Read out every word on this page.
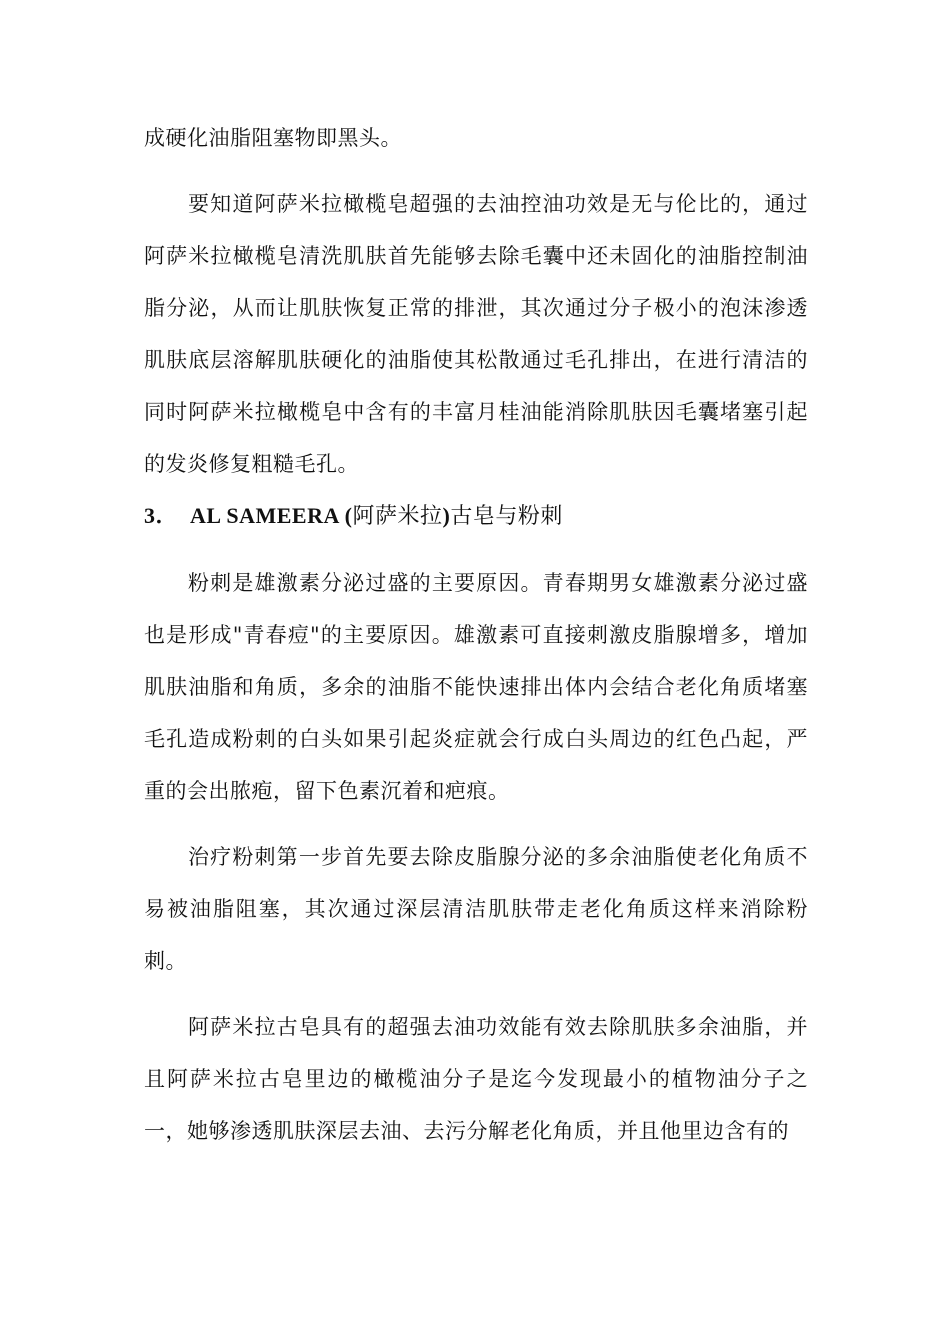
成硬化油脂阻塞物即黑头。

要知道阿萨米拉橄榄皂超强的去油控油功效是无与伦比的，通过阿萨米拉橄榄皂清洗肌肤首先能够去除毛囊中还未固化的油脂控制油脂分泌，从而让肌肤恢复正常的排泄，其次通过分子极小的泡沫渗透肌肤底层溶解肌肤硬化的油脂使其松散通过毛孔排出，在进行清洁的同时阿萨米拉橄榄皂中含有的丰富月桂油能消除肌肤因毛囊堵塞引起的发炎修复粗糙毛孔。

3． AL SAMEERA (阿萨米拉)古皂与粉刺

粉刺是雄激素分泌过盛的主要原因。青春期男女雄激素分泌过盛也是形成"青春痘"的主要原因。雄激素可直接刺激皮脂腺增多，增加肌肤油脂和角质，多余的油脂不能快速排出体内会结合老化角质堵塞毛孔造成粉刺的白头如果引起炎症就会行成白头周边的红色凸起，严重的会出脓疱，留下色素沉着和疤痕。

治疗粉刺第一步首先要去除皮脂腺分泌的多余油脂使老化角质不易被油脂阻塞，其次通过深层清洁肌肤带走老化角质这样来消除粉刺。

阿萨米拉古皂具有的超强去油功效能有效去除肌肤多余油脂，并且阿萨米拉古皂里边的橄榄油分子是迄今发现最小的植物油分子之一，她够渗透肌肤深层去油、去污分解老化角质，并且他里边含有的
